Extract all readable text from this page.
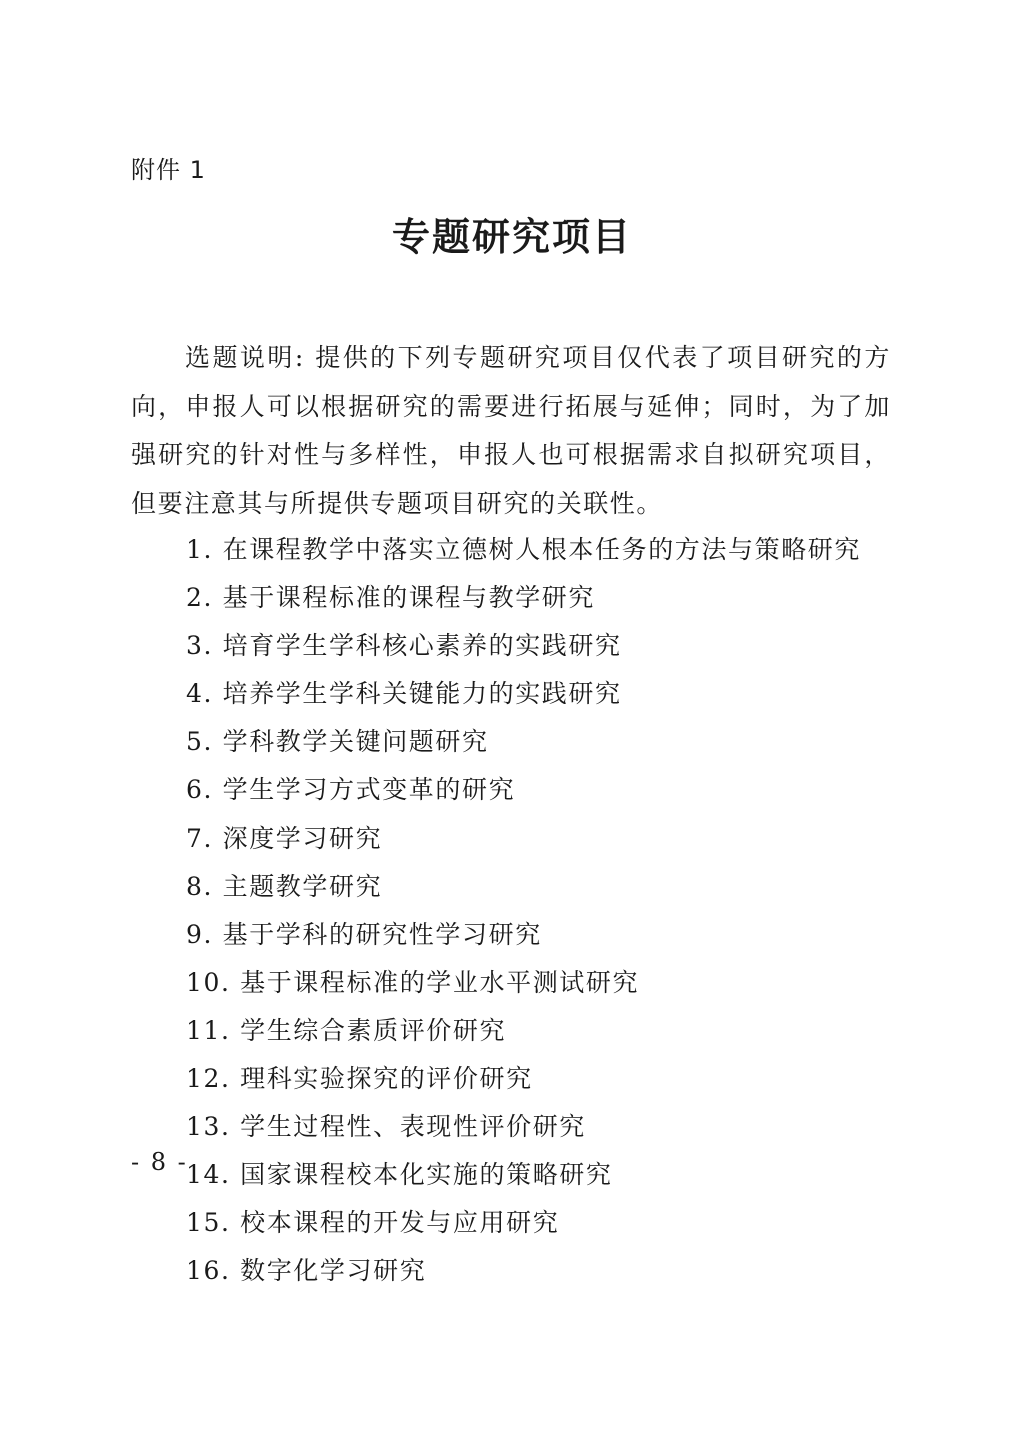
附件 1
专题研究项目

选题说明: 提供的下列专题研究项目仅代表了项目研究的方向，申报人可以根据研究的需要进行拓展与延伸；同时，为了加强研究的针对性与多样性，申报人也可根据需求自拟研究项目，但要注意其与所提供专题项目研究的关联性。

1. 在课程教学中落实立德树人根本任务的方法与策略研究
2. 基于课程标准的课程与教学研究
3. 培育学生学科核心素养的实践研究
4. 培养学生学科关键能力的实践研究
5. 学科教学关键问题研究
6. 学生学习方式变革的研究
7. 深度学习研究
8. 主题教学研究
9. 基于学科的研究性学习研究
10. 基于课程标准的学业水平测试研究
11. 学生综合素质评价研究
12. 理科实验探究的评价研究
13. 学生过程性、表现性评价研究
14. 国家课程校本化实施的策略研究
15. 校本课程的开发与应用研究
16. 数字化学习研究
- 8 -
